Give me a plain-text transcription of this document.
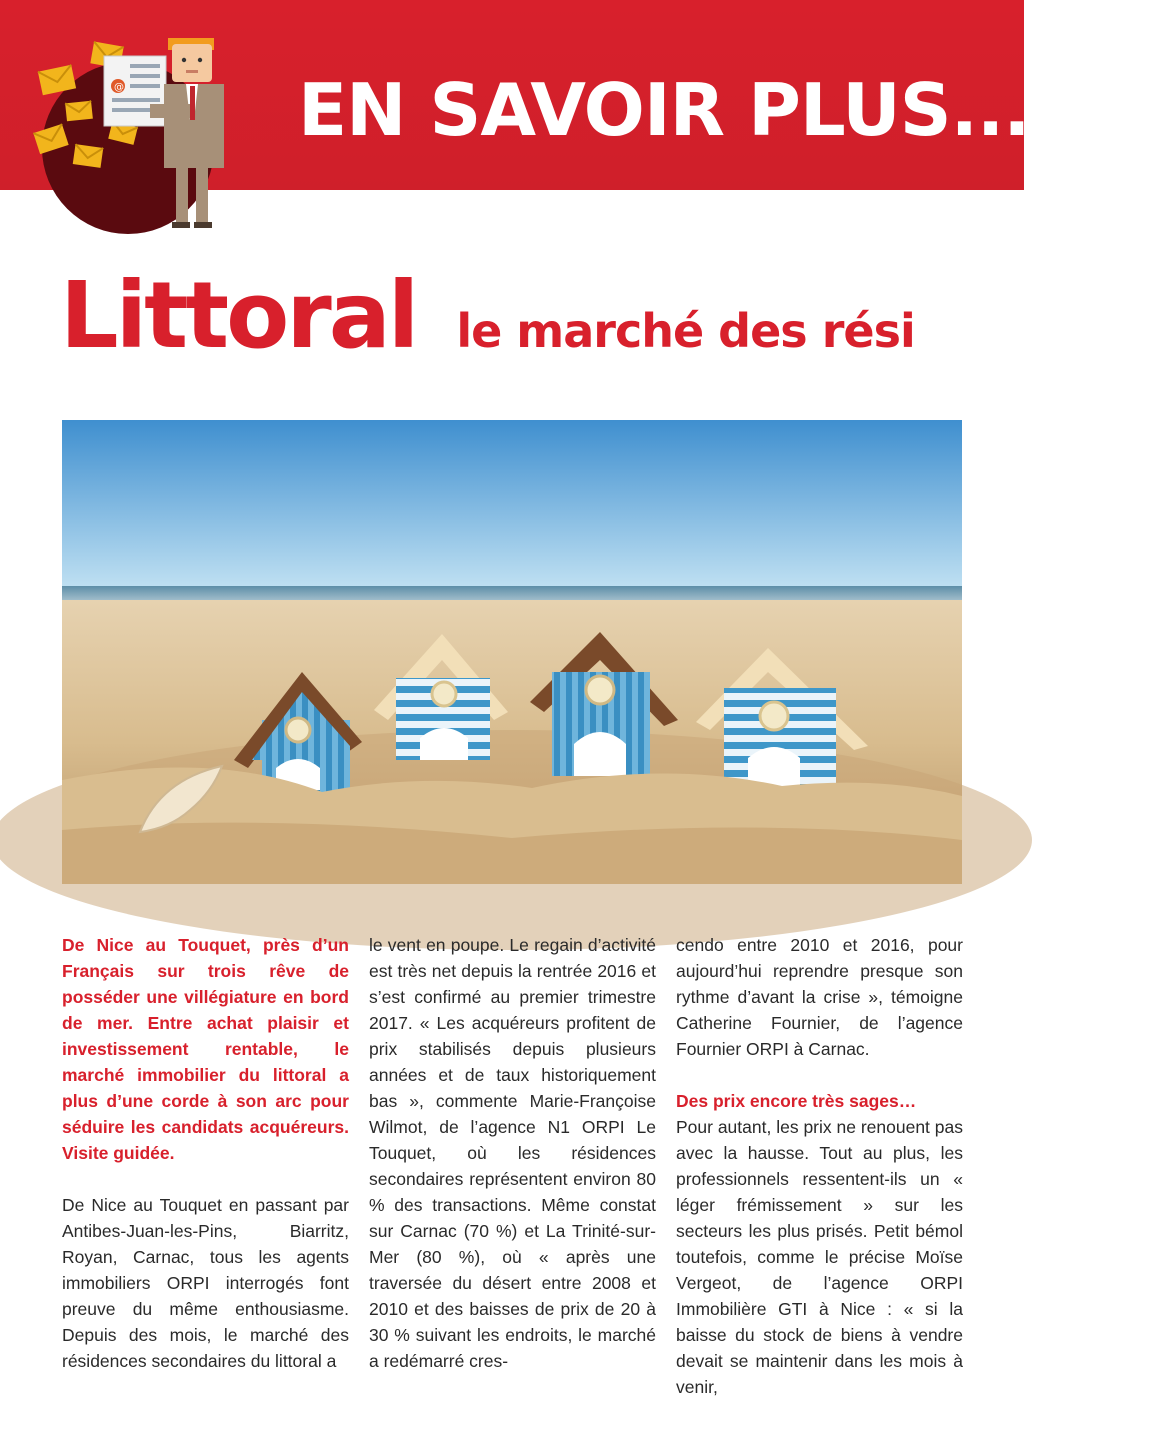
EN SAVOIR PLUS... EN
@
Littoral le marché des rési

De Nice au Touquet, près d’un Français sur trois rêve de posséder une villégiature en bord de mer. Entre achat plaisir et investissement rentable, le marché immobilier du littoral a plus d’une corde à son arc pour séduire les candidats acquéreurs. Visite guidée.

De Nice au Touquet en passant par Antibes-Juan-les-Pins, Biarritz, Royan, Carnac, tous les agents immobiliers ORPI interrogés font preuve du même enthousiasme. Depuis des mois, le marché des résidences secondaires du littoral a

le vent en poupe. Le regain d’activité est très net depuis la rentrée 2016 et s’est confirmé au premier trimestre 2017. « Les acquéreurs profitent de prix stabilisés depuis plusieurs années et de taux historiquement bas », commente Marie-Françoise Wilmot, de l’agence N1 ORPI Le Touquet, où les résidences secondaires représentent environ 80 % des transactions. Même constat sur Carnac (70 %) et La Trinité-sur-Mer (80 %), où « après une traversée du désert entre 2008 et 2010 et des baisses de prix de 20 à 30 % suivant les endroits, le marché a redémarré cres-

cendo entre 2010 et 2016, pour aujourd’hui reprendre presque son rythme d’avant la crise », témoigne Catherine Fournier, de l’agence Fournier ORPI à Carnac.

Des prix encore très sages…

Pour autant, les prix ne renouent pas avec la hausse. Tout au plus, les professionnels ressentent-ils un « léger frémissement » sur les secteurs les plus prisés. Petit bémol toutefois, comme le précise Moïse Vergeot, de l’agence ORPI Immobilière GTI à Nice : « si la baisse du stock de biens à vendre devait se maintenir dans les mois à venir,
